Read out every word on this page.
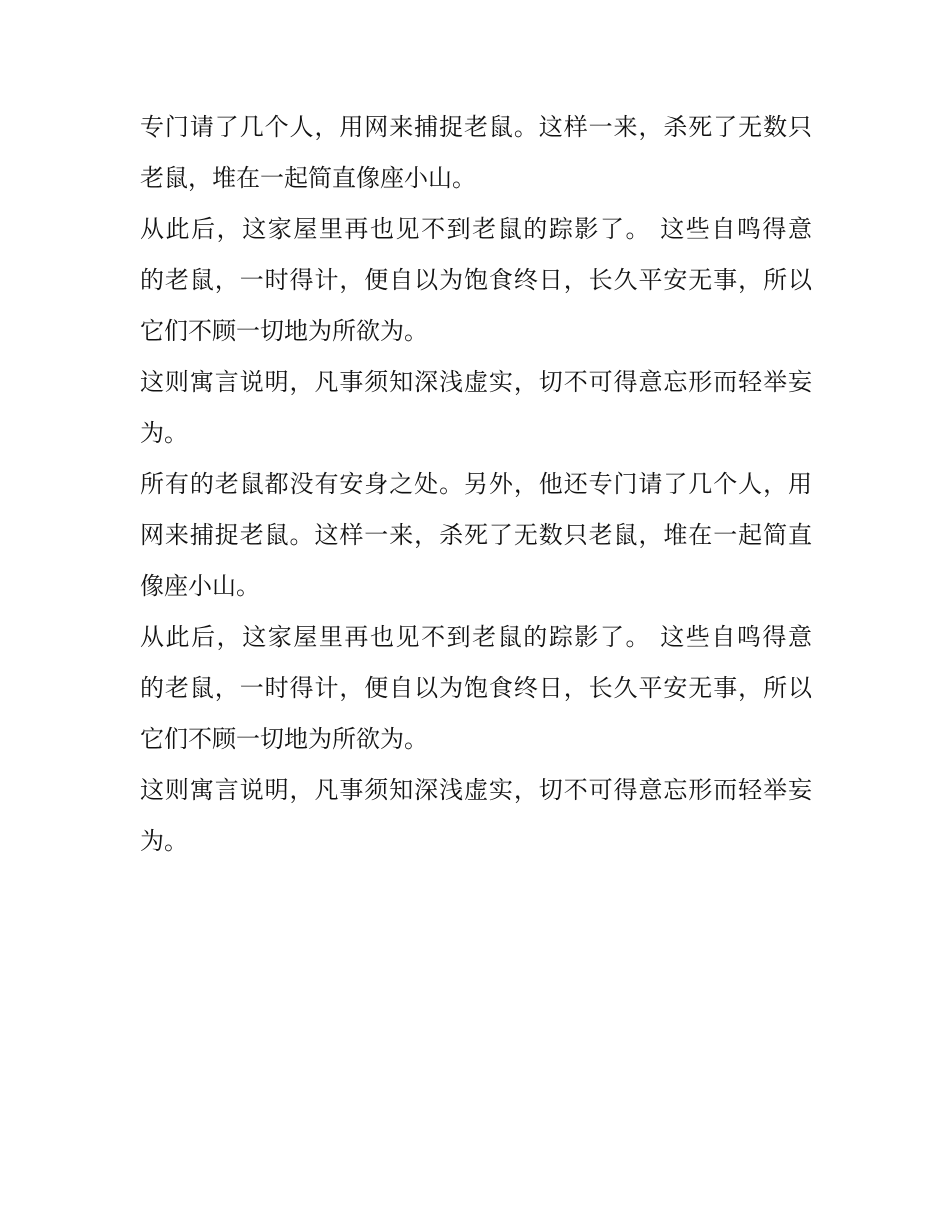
专门请了几个人，用网来捕捉老鼠。这样一来，杀死了无数只
老鼠，堆在一起简直像座小山。
从此后，这家屋里再也见不到老鼠的踪影了。 这些自鸣得意
的老鼠，一时得计，便自以为饱食终日，长久平安无事，所以
它们不顾一切地为所欲为。
这则寓言说明，凡事须知深浅虚实，切不可得意忘形而轻举妄
为。
所有的老鼠都没有安身之处。另外，他还专门请了几个人，用
网来捕捉老鼠。这样一来，杀死了无数只老鼠，堆在一起简直
像座小山。
从此后，这家屋里再也见不到老鼠的踪影了。 这些自鸣得意
的老鼠，一时得计，便自以为饱食终日，长久平安无事，所以
它们不顾一切地为所欲为。
这则寓言说明，凡事须知深浅虚实，切不可得意忘形而轻举妄
为。
